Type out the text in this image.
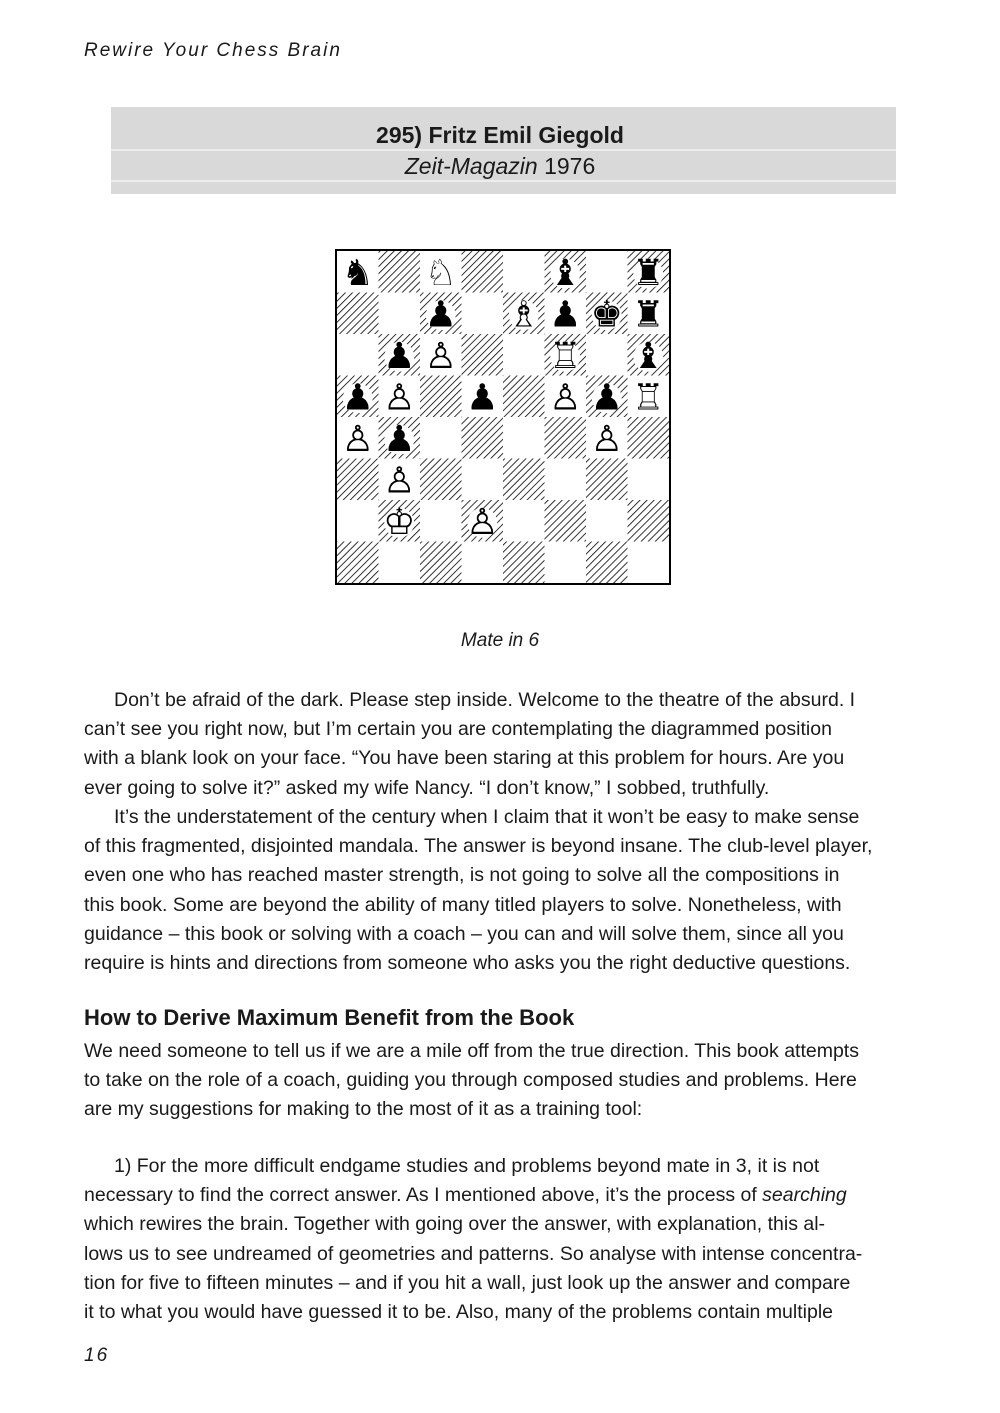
Rewire Your Chess Brain
295) Fritz Emil Giegold
Zeit-Magazin 1976
♞ ♘	♝ ♜
♟ ♗ ♟ ♚ ♜
♟ ♙	♖ ♝
♟ ♙ ♟ ♙ ♟ ♖
♙ ♟	♙
♙
♔ ♙
Mate in 6

Don’t be afraid of the dark. Please step inside. Welcome to the theatre of the absurd. I

can’t see you right now, but I’m certain you are contemplating the diagrammed position
with a blank look on your face. “You have been staring at this problem for hours. Are you
ever going to solve it?” asked my wife Nancy. “I don’t know,” I sobbed, truthfully.

It’s the understatement of the century when I claim that it won’t be easy to make sense

of this fragmented, disjointed mandala. The answer is beyond insane. The club-level player,
even one who has reached master strength, is not going to solve all the compositions in
this book. Some are beyond the ability of many titled players to solve. Nonetheless, with
guidance – this book or solving with a coach – you can and will solve them, since all you
require is hints and directions from someone who asks you the right deductive questions.
How to Derive Maximum Benefit from the Book
We need someone to tell us if we are a mile off from the true direction. This book attempts
to take on the role of a coach, guiding you through composed studies and problems. Here
are my suggestions for making to the most of it as a training tool:
1) For the more difficult endgame studies and problems beyond mate in 3, it is not
necessary to find the correct answer. As I mentioned above, it’s the process of searching
which rewires the brain. Together with going over the answer, with explanation, this al-
lows us to see undreamed of geometries and patterns. So analyse with intense concentra-
tion for five to fifteen minutes – and if you hit a wall, just look up the answer and compare
it to what you would have guessed it to be. Also, many of the problems contain multiple
16
